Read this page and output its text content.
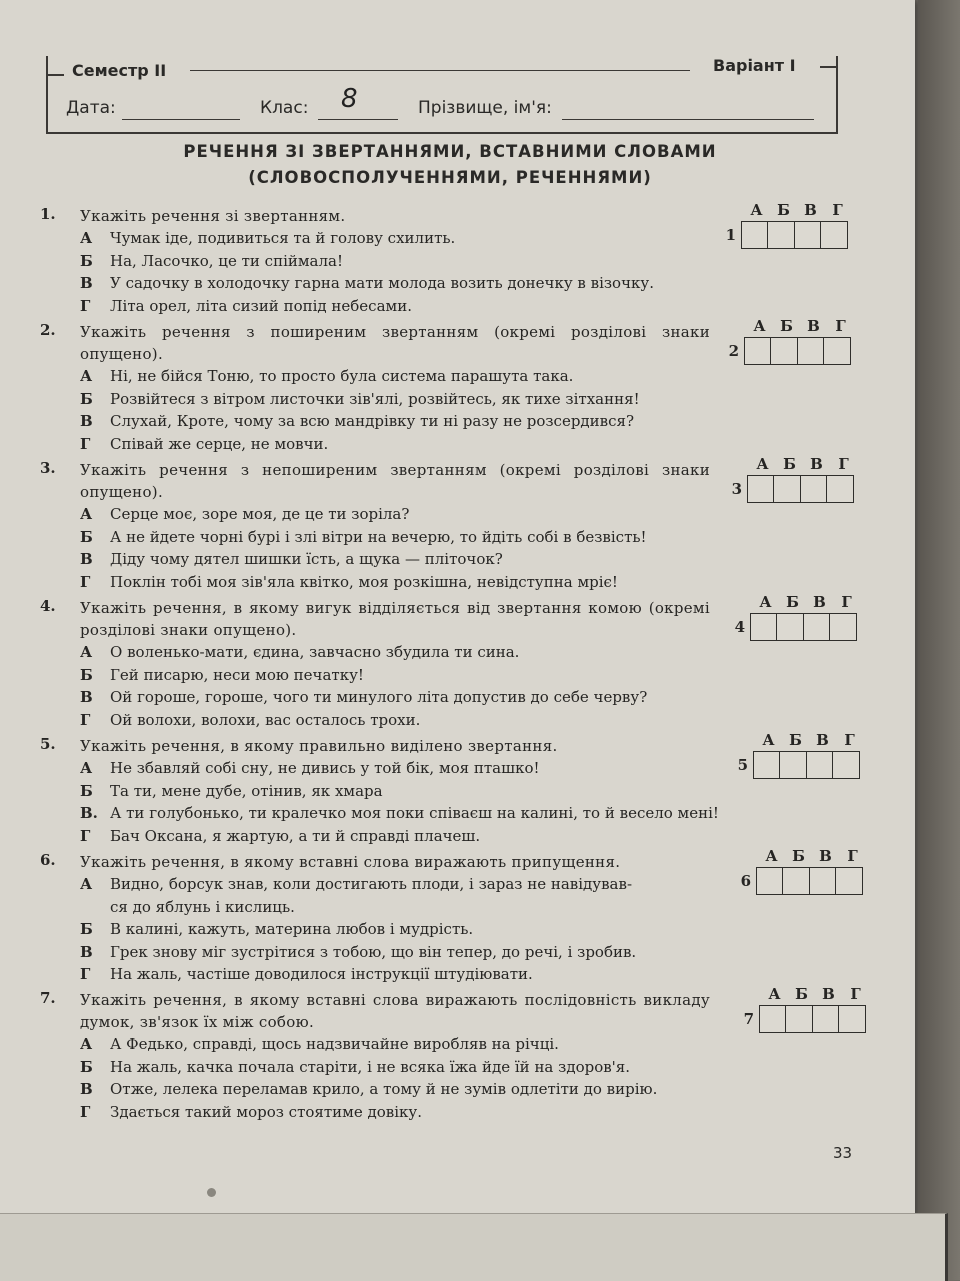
Семестр II	Варіант I
Дата:	Клас: 8	Прізвище, ім'я:
РЕЧЕННЯ ЗІ ЗВЕРТАННЯМИ, ВСТАВНИМИ СЛОВАМИ
(СЛОВОСПОЛУЧЕННЯМИ, РЕЧЕННЯМИ)
1. Укажіть речення зі звертанням.
А Чумак іде, подивиться та й голову схилить.
Б На, Ласочко, це ти спіймала!
В У садочку в холодочку гарна мати молода возить донечку в візочку.
Г Літа орел, літа сизий попід небесами.
А Б В Г
1
2. Укажіть речення з поширеним звертанням (окремі розділові знаки опущено).
А Ні, не бійся Тоню, то просто була система парашута така.
Б Розвійтеся з вітром листочки зів'ялі, розвійтесь, як тихе зітхання!
В Слухай, Кроте, чому за всю мандрівку ти ні разу не розсердився?
Г Співай же серце, не мовчи.
А Б В Г
2
3. Укажіть речення з непоширеним звертанням (окремі розділові знаки опущено).
А Серце моє, зоре моя, де це ти зоріла?
Б А не йдете чорні бурі і злі вітри на вечерю, то йдіть собі в безвість!
В Діду чому дятел шишки їсть, а щука — пліточок?
Г Поклін тобі моя зів'яла квітко, моя розкішна, невідступна мріє!
А Б В Г
3
4. Укажіть речення, в якому вигук відділяється від звертання комою (окремі розділові знаки опущено).
А О воленько-мати, єдина, завчасно збудила ти сина.
Б Гей писарю, неси мою печатку!
В Ой гороше, гороше, чого ти минулого літа допустив до себе черву?
Г Ой волохи, волохи, вас осталось трохи.
А Б В Г
4
5. Укажіть речення, в якому правильно виділено звертання.
А Не збавляй собі сну, не дивись у той бік, моя пташко!
Б Та ти, мене дубе, отінив, як хмара
В. А ти голубонько, ти кралечко моя поки співаєш на калині, то й весело мені!
Г Бач Оксана, я жартую, а ти й справді плачеш.
А Б В Г
5
6. Укажіть речення, в якому вставні слова виражають припущення.
А Видно, борсук знав, коли достигають плоди, і зараз не навідував-
ся до яблунь і кислиць.
Б В калині, кажуть, материна любов і мудрість.
В Грек знову міг зустрітися з тобою, що він тепер, до речі, і зробив.
Г На жаль, частіше доводилося інструкції штудіювати.
А Б В Г
6
7. Укажіть речення, в якому вставні слова виражають послідовність викладу думок, зв'язок їх між собою.
А А Федько, справді, щось надзвичайне виробляв на річці.
Б На жаль, качка почала старіти, і не всяка їжа йде їй на здоров'я.
В Отже, лелека переламав крило, а тому й не зумів одлетіти до вирію.
Г Здається такий мороз стоятиме довіку.
А Б В Г
7
33
